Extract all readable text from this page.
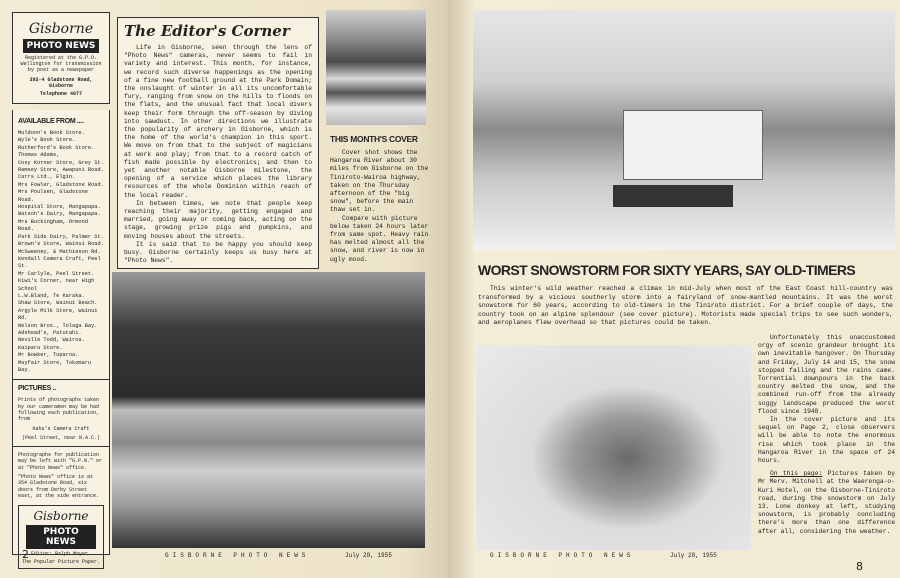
Gisborne
PHOTO NEWS
Registered at the G.P.O. Wellington for transmission
by post as a newspaper
392-4 Gladstone Road, Gisborne
Telephone 4077
AVAILABLE FROM ....
Muldoon's Book Store.
Wyle's Book Store.
Rutherford's Book Store.
Thomas Adams,
Cosy Korner Store, Grey St.
Ramsey Store, Awapuni Road.
Carrs Ltd., Elgin.
Mrs Fowler, Gladstone Road.
Mrs Poulsen, Gladstone Road.
Hospital Store, Mangapapa.
Watson's Dairy, Mangapapa.
Mrs Buckingham, Ormond Road.
Park Side Dairy, Palmer St.
Brown's Store, Wainui Road.
McSweeney, & Mathieson Rd.
Kendall Camera Craft, Peel St.
Mr Carlyle, Peel Street.
Kiwi's Corner, near High School
L.W.Bland, Te Karaka.
Shaw Store, Wainui Beach.
Argyle Milk Store, Wainui Rd.
Nelson Bros., Tolaga Bay.
Adshead's, Patutahi.
Neville Todd, Wairoa.
Kaiparu Store.
Mr Bowker, Tuparoa.
Mayfair Store, Tokomaru Bay.
PICTURES ..

Prints of photographs taken by our cameramen may be had following each publication, from

Kahu's Camera Craft

(Peel Street, near N.A.C.)

Photographs for publication may be left with "G.P.N." or at "Photo News" office.

"Photo News" office is at 354 Gladstone Road, six doors from Derby Street east, at the side entrance.

Gisborne
PHOTO NEWS
Editor: Ralph Mayer.
The Popular Picture Paper.
The Editor's Corner

Life in Gisborne, seen through the lens of "Photo News" cameras, never seems to fail in variety and interest. This month, for instance, we record such diverse happenings as the opening of a fine new football ground at the Park Domain; the onslaught of winter in all its uncomfortable fury, ranging from snow on the hills to floods on the flats, and the unusual fact that local divers keep their form through the off-season by diving into sawdust. In other directions we illustrate the popularity of archery in Gisborne, which is the home of the world's champion in this sport. We move on from that to the subject of magicians at work and play; from that to a record catch of fish made possible by electronics; and then to yet another notable Gisborne milestone, the opening of a service which places the library resources of the whole Dominion within reach of the local reader.

In between times, we note that people keep reaching their majority, getting engaged and married, going away or coming back, acting on the stage, growing prize pigs and pumpkins, and moving houses about the streets.

It is said that to be happy you should keep busy. Gisborne certainly keeps us busy here at "Photo News".

THIS MONTH'S COVER

Cover shot shows the Hangaroa River about 30 miles from Gisborne on the Tiniroto-Wairoa highway, taken on the Thursday afternoon of the "big snow", before the main thaw set in.

Compare with picture below taken 24 hours later from same spot. Heavy rain has melted almost all the snow, and river is now in ugly mood.

2	GISBORNE PHOTO NEWS	July 28, 1955
WORST SNOWSTORM FOR SIXTY YEARS, SAY OLD-TIMERS

This winter's wild weather reached a climax in mid-July when most of the East Coast hill-country was transformed by a vicious southerly storm into a fairyland of snow-mantled mountains. It was the worst snowstorm for 60 years, according to old-timers in the Tiniroto district. For a brief couple of days, the country took on an alpine splendour (see cover picture). Motorists made special trips to see such wonders, and aeroplanes flew overhead so that pictures could be taken.

Unfortunately this unaccustomed orgy of scenic grandeur brought its own inevitable hangover. On Thursday and Friday, July 14 and 15, the snow stopped falling and the rains came. Torrential downpours in the back country melted the snow, and the combined run-off from the already soggy landscape produced the worst flood since 1948.

In the cover picture and its sequel on Page 2, close observers will be able to note the enormous rise which took place in the Hangaroa River in the space of 24 hours.

On this page: Pictures taken by Mr Merv. Mitchell at the Waerenga-o-Kuri Hotel, on the Gisborne-Tiniroto road, during the snowstorm on July 13. Lone donkey at left, studying snowstorm, is probably concluding there's more than one difference after all, considering the weather.

GISBORNE PHOTO NEWS	July 28, 1955
8
